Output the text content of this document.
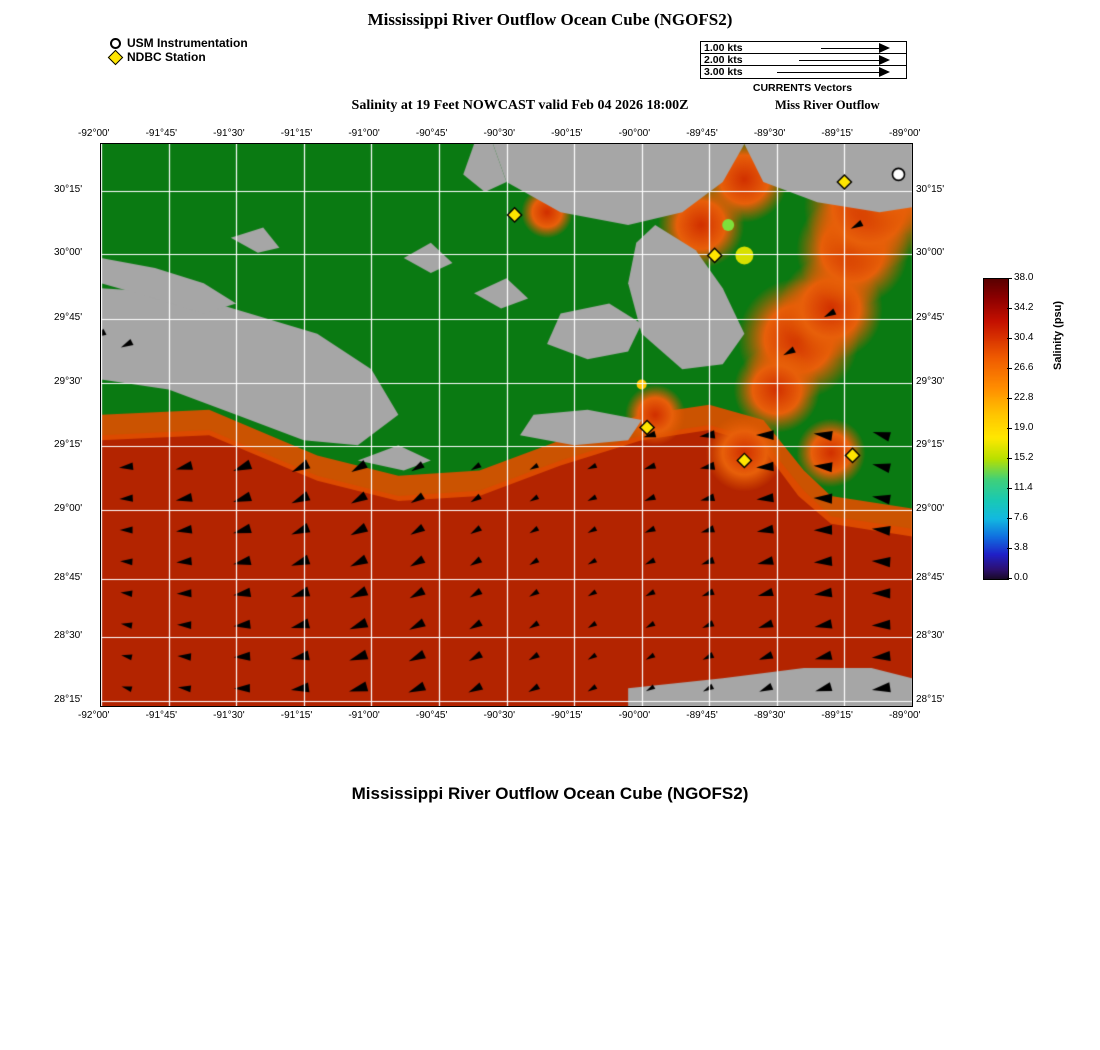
Mississippi River Outflow Ocean Cube (NGOFS2)
USM Instrumentation
NDBC Station
1.00 kts
2.00 kts
3.00 kts
CURRENTS Vectors
Salinity at 19 Feet NOWCAST valid Feb 04 2026 18:00Z	Miss River Outflow
-92°00'	-91°45'	-91°30'	-91°15'	-91°00'	-90°45'	-90°30'	-90°15'	-90°00'	-89°45'	-89°30'	-89°15'	-89°00'
-92°00'	-91°45'	-91°30'	-91°15'	-91°00'	-90°45'	-90°30'	-90°15'	-90°00'	-89°45'	-89°30'	-89°15'	-89°00'
30°15'
30°00'
29°45'
29°30'
29°15'
29°00'
28°45'
28°30'
28°15'
30°15'
30°00'
29°45'
29°30'
29°15'
29°00'
28°45'
28°30'
28°15'
38.0
34.2
30.4
26.6
22.8
19.0
15.2
11.4
7.6
3.8
0.0
Salinity (psu)
Mississippi River Outflow Ocean Cube (NGOFS2)
